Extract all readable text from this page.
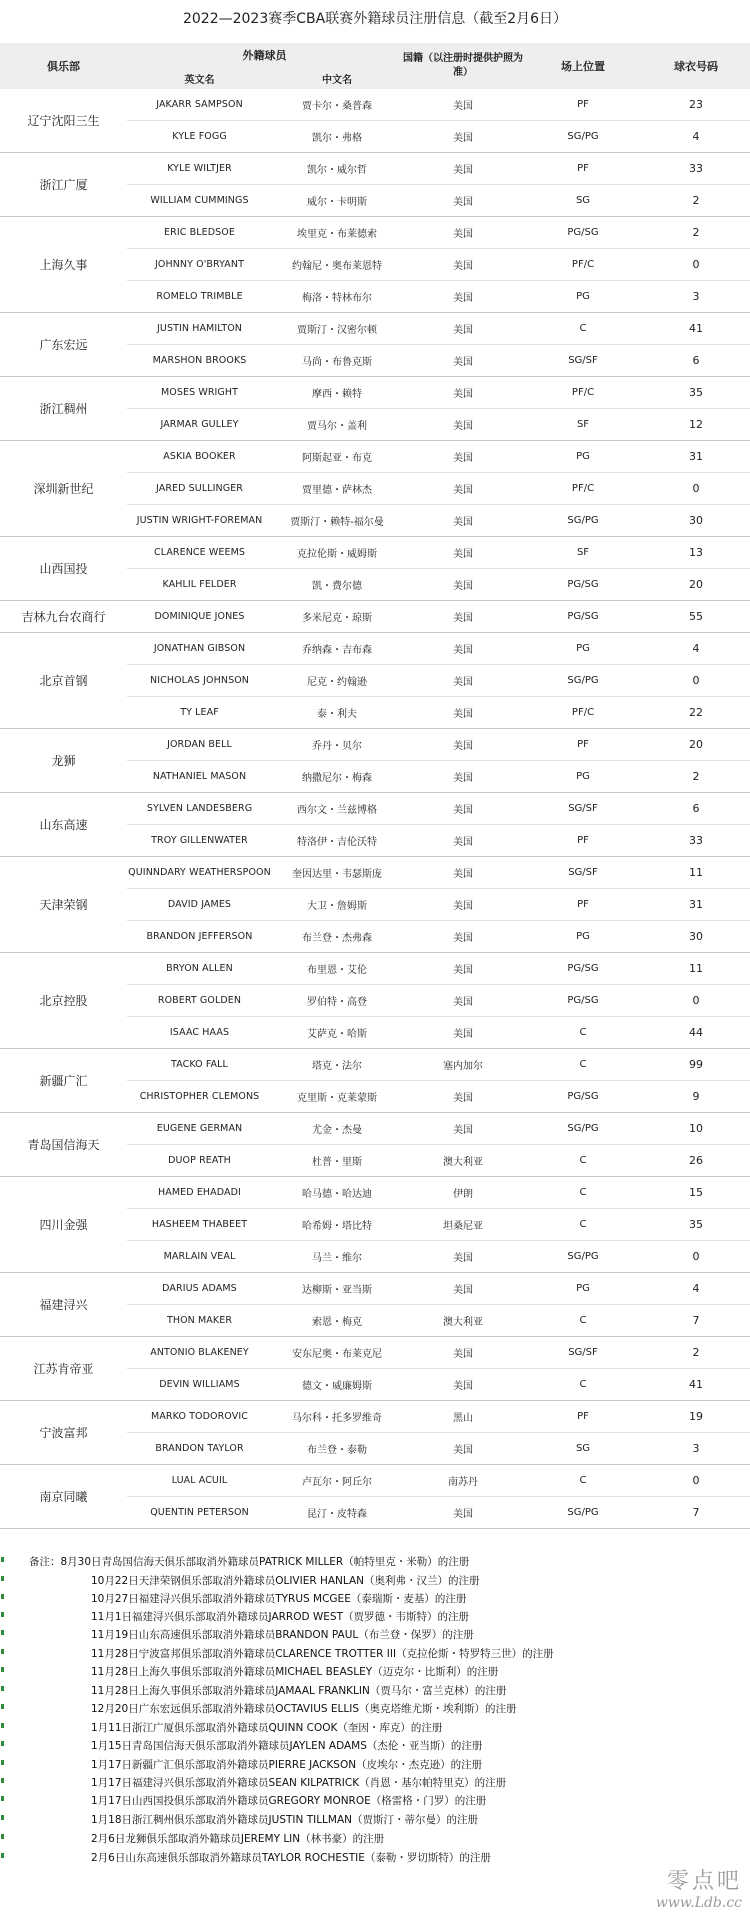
2022—2023赛季CBA联赛外籍球员注册信息（截至2月6日）
俱乐部	外籍球员		国籍（以注册时提供护照为准）	场上位置	球衣号码
	英文名	中文名			
辽宁沈阳三生	JAKARR SAMPSON	贾卡尔・桑普森	美国	PF	23
	KYLE FOGG	凯尔・弗格	美国	SG/PG	4
浙江广厦	KYLE WILTJER	凯尔・威尔哲	美国	PF	33
	WILLIAM CUMMINGS	威尔・卡明斯	美国	SG	2
上海久事	ERIC BLEDSOE	埃里克・布莱德索	美国	PG/SG	2
	JOHNNY O'BRYANT	约翰尼・奥布莱恩特	美国	PF/C	0
	ROMELO TRIMBLE	梅洛・特林布尔	美国	PG	3
广东宏远	JUSTIN HAMILTON	贾斯汀・汉密尔顿	美国	C	41
	MARSHON BROOKS	马尚・布鲁克斯	美国	SG/SF	6
浙江稠州	MOSES WRIGHT	摩西・赖特	美国	PF/C	35
	JARMAR GULLEY	贾马尔・盖利	美国	SF	12
深圳新世纪	ASKIA BOOKER	阿斯起亚・布克	美国	PG	31
	JARED SULLINGER	贾里德・萨林杰	美国	PF/C	0
	JUSTIN WRIGHT-FOREMAN	贾斯汀・赖特-福尔曼	美国	SG/PG	30
山西国投	CLARENCE WEEMS	克拉伦斯・威姆斯	美国	SF	13
	KAHLIL FELDER	凯・费尔德	美国	PG/SG	20
吉林九台农商行	DOMINIQUE JONES	多米尼克・琼斯	美国	PG/SG	55
北京首钢	JONATHAN GIBSON	乔纳森・吉布森	美国	PG	4
	NICHOLAS JOHNSON	尼克・约翰逊	美国	SG/PG	0
	TY LEAF	泰・利夫	美国	PF/C	22
龙狮	JORDAN BELL	乔丹・贝尔	美国	PF	20
	NATHANIEL MASON	纳撒尼尔・梅森	美国	PG	2
山东高速	SYLVEN LANDESBERG	西尔文・兰兹博格	美国	SG/SF	6
	TROY GILLENWATER	特洛伊・吉伦沃特	美国	PF	33
天津荣钢	QUINNDARY WEATHERSPOON	奎因达里・韦瑟斯庞	美国	SG/SF	11
	DAVID JAMES	大卫・詹姆斯	美国	PF	31
	BRANDON JEFFERSON	布兰登・杰弗森	美国	PG	30
北京控股	BRYON ALLEN	布里恩・艾伦	美国	PG/SG	11
	ROBERT GOLDEN	罗伯特・高登	美国	PG/SG	0
	ISAAC HAAS	艾萨克・哈斯	美国	C	44
新疆广汇	TACKO FALL	塔克・法尔	塞内加尔	C	99
	CHRISTOPHER CLEMONS	克里斯・克莱蒙斯	美国	PG/SG	9
青岛国信海天	EUGENE GERMAN	尤金・杰曼	美国	SG/PG	10
	DUOP REATH	杜普・里斯	澳大利亚	C	26
四川金强	HAMED EHADADI	哈马德・哈达迪	伊朗	C	15
	HASHEEM THABEET	哈希姆・塔比特	坦桑尼亚	C	35
	MARLAIN VEAL	马兰・维尔	美国	SG/PG	0
福建浔兴	DARIUS ADAMS	达柳斯・亚当斯	美国	PG	4
	THON MAKER	索恩・梅克	澳大利亚	C	7
江苏肯帝亚	ANTONIO BLAKENEY	安东尼奥・布莱克尼	美国	SG/SF	2
	DEVIN WILLIAMS	德文・威廉姆斯	美国	C	41
宁波富邦	MARKO TODOROVIC	马尔科・托多罗维奇	黑山	PF	19
	BRANDON TAYLOR	布兰登・泰勒	美国	SG	3
南京同曦	LUAL ACUIL	卢瓦尔・阿丘尔	南苏丹	C	0
	QUENTIN PETERSON	昆汀・皮特森	美国	SG/PG	7
备注：8月30日青岛国信海天俱乐部取消外籍球员PATRICK MILLER（帕特里克・米勒）的注册
10月22日天津荣钢俱乐部取消外籍球员OLIVIER HANLAN（奥利弗・汉兰）的注册
10月27日福建浔兴俱乐部取消外籍球员TYRUS MCGEE（泰瑞斯・麦基）的注册
11月1日福建浔兴俱乐部取消外籍球员JARROD WEST（贾罗德・韦斯特）的注册
11月19日山东高速俱乐部取消外籍球员BRANDON PAUL（布兰登・保罗）的注册
11月28日宁波富邦俱乐部取消外籍球员CLARENCE TROTTER III（克拉伦斯・特罗特三世）的注册
11月28日上海久事俱乐部取消外籍球员MICHAEL BEASLEY（迈克尔・比斯利）的注册
11月28日上海久事俱乐部取消外籍球员JAMAAL FRANKLIN（贾马尔・富兰克林）的注册
12月20日广东宏远俱乐部取消外籍球员OCTAVIUS ELLIS（奥克塔维尤斯・埃利斯）的注册
1月11日浙江广厦俱乐部取消外籍球员QUINN COOK（奎因・库克）的注册
1月15日青岛国信海天俱乐部取消外籍球员JAYLEN ADAMS（杰伦・亚当斯）的注册
1月17日新疆广汇俱乐部取消外籍球员PIERRE JACKSON（皮埃尔・杰克逊）的注册
1月17日福建浔兴俱乐部取消外籍球员SEAN KILPATRICK（肖恩・基尔帕特里克）的注册
1月17日山西国投俱乐部取消外籍球员GREGORY MONROE（格雷格・门罗）的注册
1月18日浙江稠州俱乐部取消外籍球员JUSTIN TILLMAN（贾斯汀・蒂尔曼）的注册
2月6日龙狮俱乐部取消外籍球员JEREMY LIN（林书豪）的注册
2月6日山东高速俱乐部取消外籍球员TAYLOR ROCHESTIE（泰勒・罗切斯特）的注册
零点吧
www.Ldb.cc
